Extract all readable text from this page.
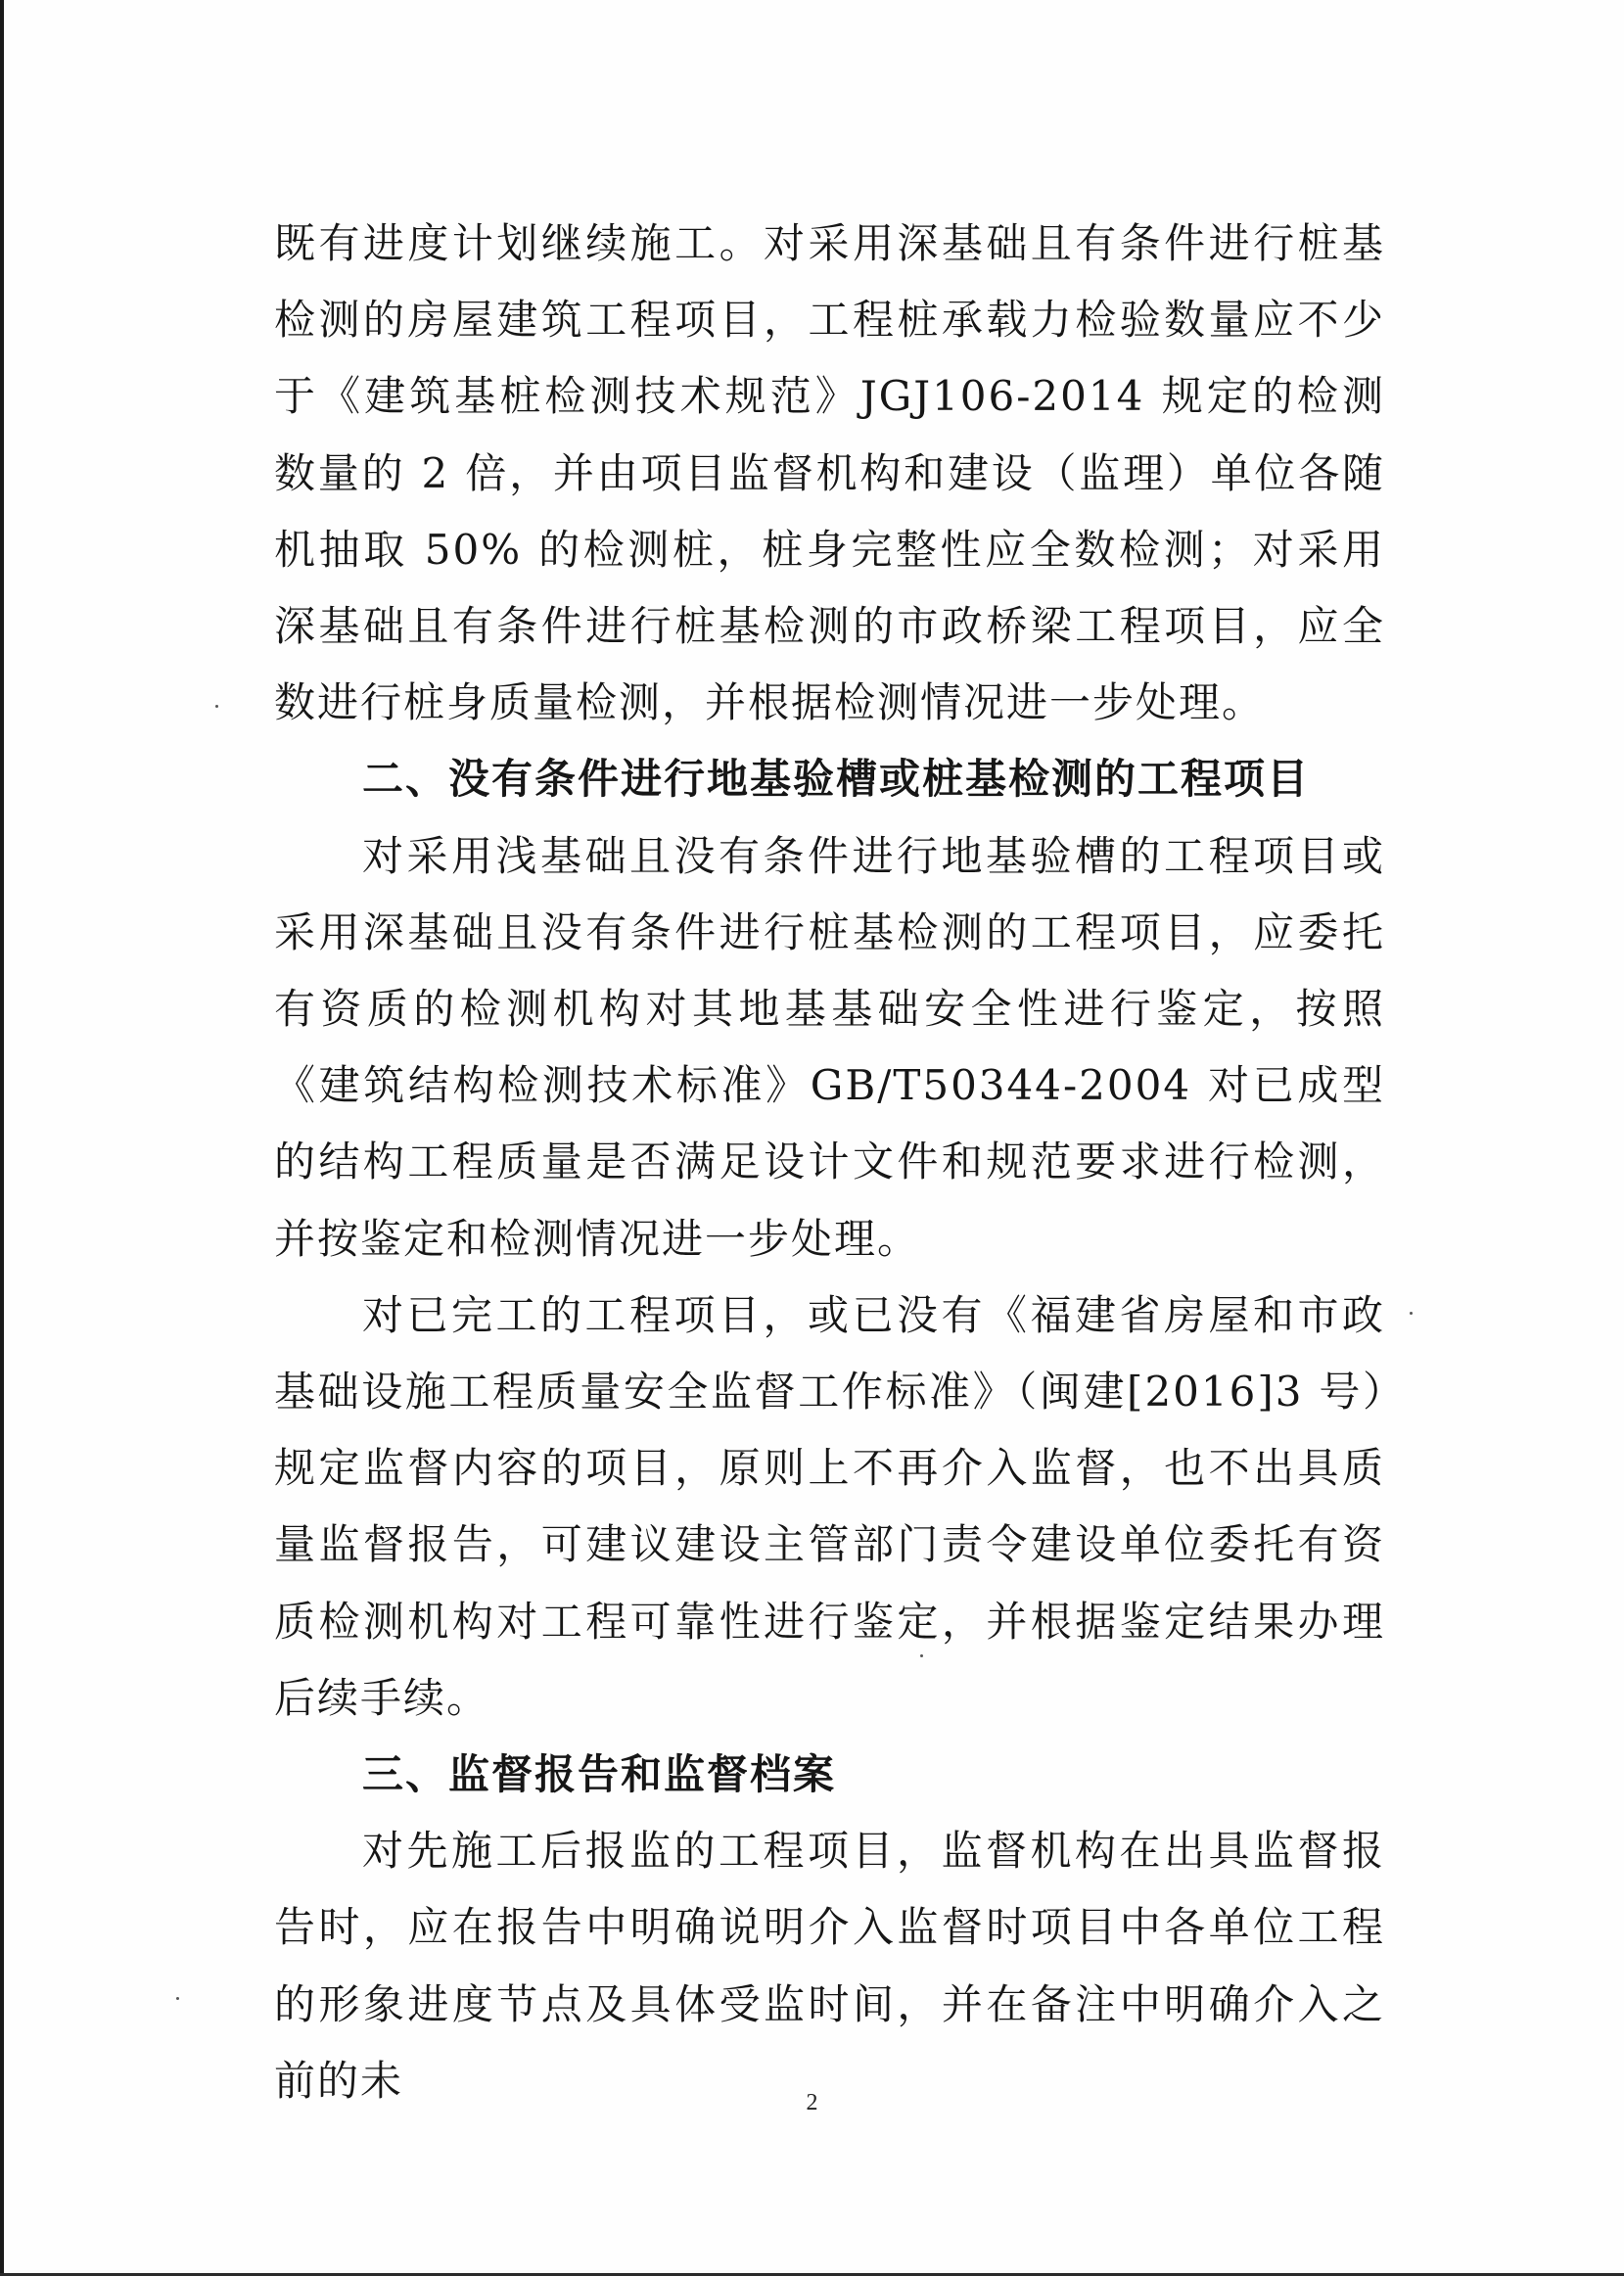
既有进度计划继续施工。对采用深基础且有条件进行桩基检测的房屋建筑工程项目，工程桩承载力检验数量应不少于《建筑基桩检测技术规范》JGJ106-2014 规定的检测数量的 2 倍，并由项目监督机构和建设（监理）单位各随机抽取 50% 的检测桩，桩身完整性应全数检测；对采用深基础且有条件进行桩基检测的市政桥梁工程项目，应全数进行桩身质量检测，并根据检测情况进一步处理。

二、没有条件进行地基验槽或桩基检测的工程项目

对采用浅基础且没有条件进行地基验槽的工程项目或采用深基础且没有条件进行桩基检测的工程项目，应委托有资质的检测机构对其地基基础安全性进行鉴定，按照《建筑结构检测技术标准》GB/T50344-2004 对已成型的结构工程质量是否满足设计文件和规范要求进行检测，并按鉴定和检测情况进一步处理。

对已完工的工程项目，或已没有《福建省房屋和市政基础设施工程质量安全监督工作标准》（闽建[2016]3 号）规定监督内容的项目，原则上不再介入监督，也不出具质量监督报告，可建议建设主管部门责令建设单位委托有资质检测机构对工程可靠性进行鉴定，并根据鉴定结果办理后续手续。

三、监督报告和监督档案

对先施工后报监的工程项目，监督机构在出具监督报告时，应在报告中明确说明介入监督时项目中各单位工程的形象进度节点及具体受监时间，并在备注中明确介入之前的未	2
